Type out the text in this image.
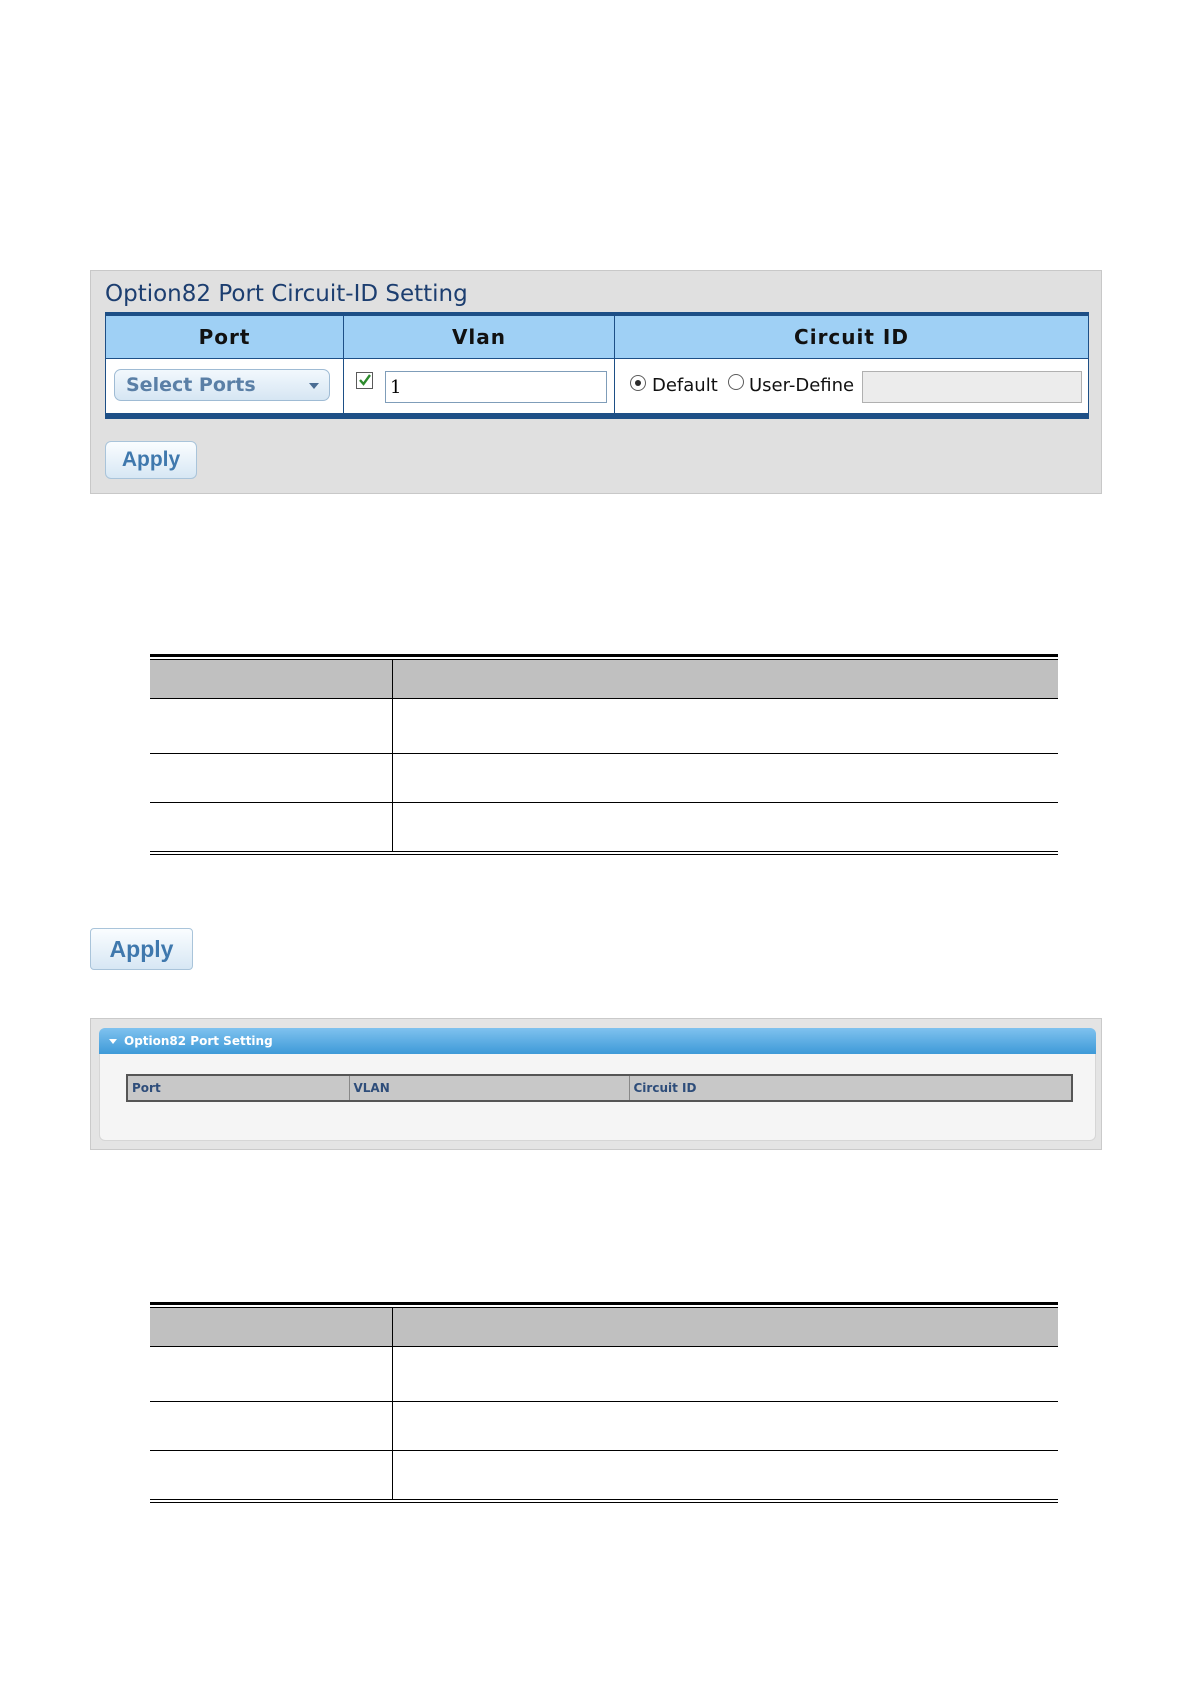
Option82 Port Circuit-ID Setting
Port	Vlan	Circuit ID

Select Ports	1	Default User-Define
Apply

Apply
Option82 Port Setting
Port	VLAN	Circuit ID
